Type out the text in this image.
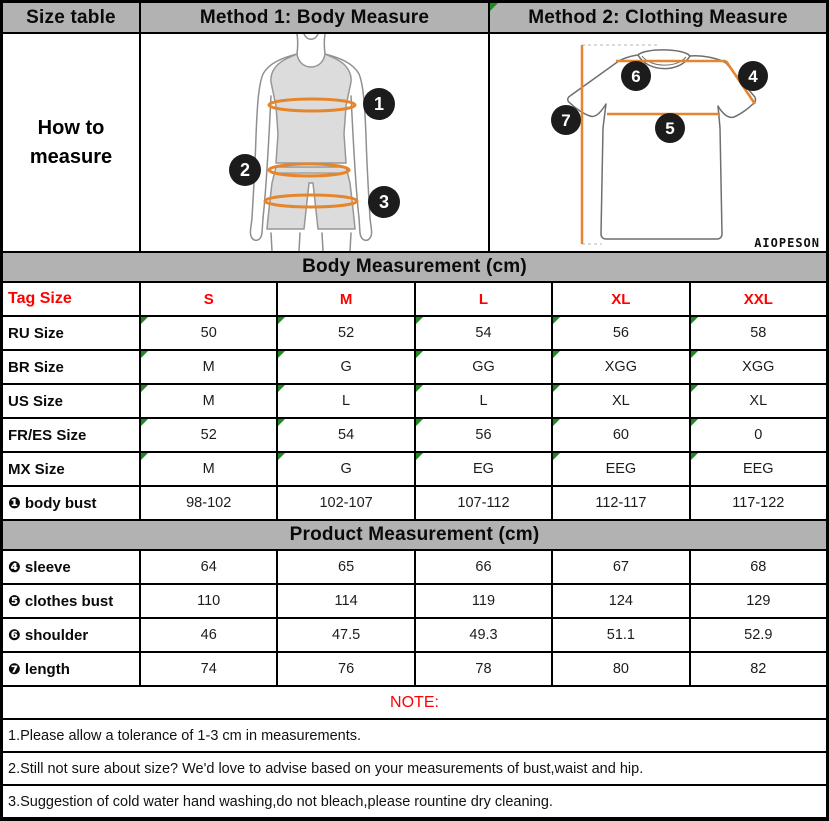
Size table	Method 1: Body Measure	Method 2: Clothing Measure
How to measure
1
2
3
6	4
7	5
AIOPESON
Body Measurement (cm)
Tag Size	S	M	L	XL	XXL
RU Size	50	52	54	56	58
BR Size	M	G	GG	XGG	XGG
US Size	M	L	L	XL	XL
FR/ES Size	52	54	56	60	0
MX Size	M	G	EG	EEG	EEG
❶ body bust	98-102	102-107	107-112	112-117	117-122
Product Measurement (cm)
❹ sleeve	64	65	66	67	68
❺ clothes bust	110	114	119	124	129
❻ shoulder	46	47.5	49.3	51.1	52.9
❼ length	74	76	78	80	82
NOTE:
1.Please allow a tolerance of 1-3 cm in measurements.
2.Still not sure about size? We'd love to advise based on your measurements of bust,waist and hip.
3.Suggestion of cold water hand washing,do not bleach,please rountine dry cleaning.
